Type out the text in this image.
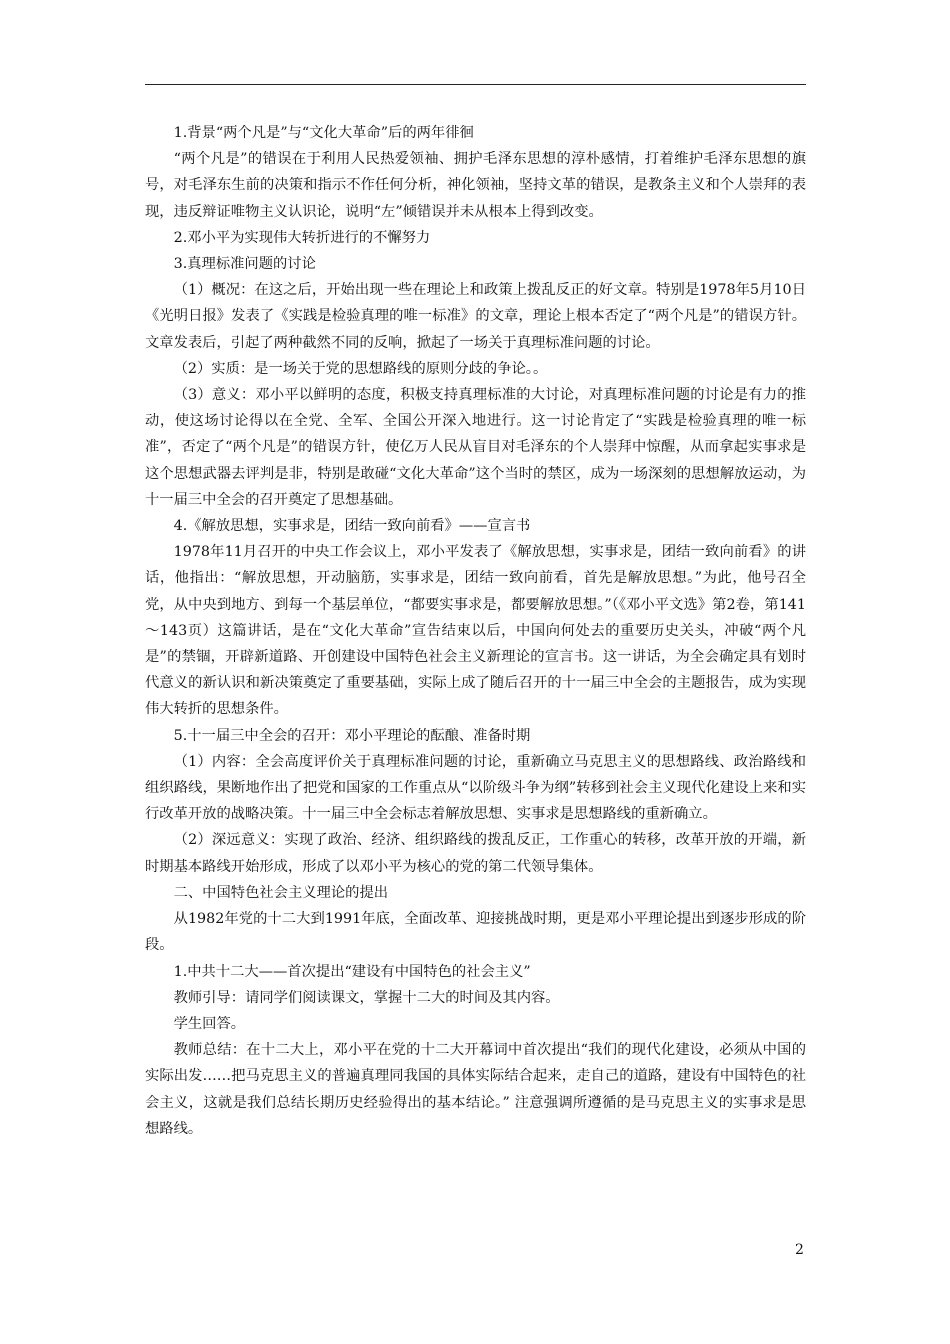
1.背景“两个凡是”与“文化大革命”后的两年徘徊

“两个凡是”的错误在于利用人民热爱领袖、拥护毛泽东思想的淳朴感情，打着维护毛泽东思想的旗号，对毛泽东生前的决策和指示不作任何分析，神化领袖，坚持文革的错误，是教条主义和个人崇拜的表现，违反辩证唯物主义认识论，说明“左”倾错误并未从根本上得到改变。

2.邓小平为实现伟大转折进行的不懈努力

3.真理标准问题的讨论

（1）概况：在这之后，开始出现一些在理论上和政策上拨乱反正的好文章。特别是1978年5月10日《光明日报》发表了《实践是检验真理的唯一标准》的文章，理论上根本否定了“两个凡是”的错误方针。文章发表后，引起了两种截然不同的反响，掀起了一场关于真理标准问题的讨论。

（2）实质：是一场关于党的思想路线的原则分歧的争论。。

（3）意义：邓小平以鲜明的态度，积极支持真理标准的大讨论，对真理标准问题的讨论是有力的推动，使这场讨论得以在全党、全军、全国公开深入地进行。这一讨论肯定了“实践是检验真理的唯一标准”，否定了“两个凡是”的错误方针，使亿万人民从盲目对毛泽东的个人崇拜中惊醒，从而拿起实事求是这个思想武器去评判是非，特别是敢碰“文化大革命”这个当时的禁区，成为一场深刻的思想解放运动，为十一届三中全会的召开奠定了思想基础。

4.《解放思想，实事求是，团结一致向前看》——宣言书

1978年11月召开的中央工作会议上，邓小平发表了《解放思想，实事求是，团结一致向前看》的讲话，他指出：“解放思想，开动脑筋，实事求是，团结一致向前看，首先是解放思想。”为此，他号召全党，从中央到地方、到每一个基层单位，“都要实事求是，都要解放思想。”（《邓小平文选》第2卷，第141～143页）这篇讲话，是在“文化大革命”宣告结束以后，中国向何处去的重要历史关头，冲破“两个凡是”的禁锢，开辟新道路、开创建设中国特色社会主义新理论的宣言书。这一讲话，为全会确定具有划时代意义的新认识和新决策奠定了重要基础，实际上成了随后召开的十一届三中全会的主题报告，成为实现伟大转折的思想条件。

5.十一届三中全会的召开：邓小平理论的酝酿、准备时期

（1）内容：全会高度评价关于真理标准问题的讨论，重新确立马克思主义的思想路线、政治路线和组织路线，果断地作出了把党和国家的工作重点从“以阶级斗争为纲”转移到社会主义现代化建设上来和实行改革开放的战略决策。十一届三中全会标志着解放思想、实事求是思想路线的重新确立。

（2）深远意义：实现了政治、经济、组织路线的拨乱反正，工作重心的转移，改革开放的开端，新时期基本路线开始形成，形成了以邓小平为核心的党的第二代领导集体。

二、中国特色社会主义理论的提出

从1982年党的十二大到1991年底，全面改革、迎接挑战时期，更是邓小平理论提出到逐步形成的阶段。

1.中共十二大——首次提出“建设有中国特色的社会主义”

教师引导：请同学们阅读课文，掌握十二大的时间及其内容。

学生回答。

教师总结：在十二大上，邓小平在党的十二大开幕词中首次提出“我们的现代化建设，必须从中国的实际出发……把马克思主义的普遍真理同我国的具体实际结合起来，走自己的道路，建设有中国特色的社会主义，这就是我们总结长期历史经验得出的基本结论。” 注意强调所遵循的是马克思主义的实事求是思想路线。

2
